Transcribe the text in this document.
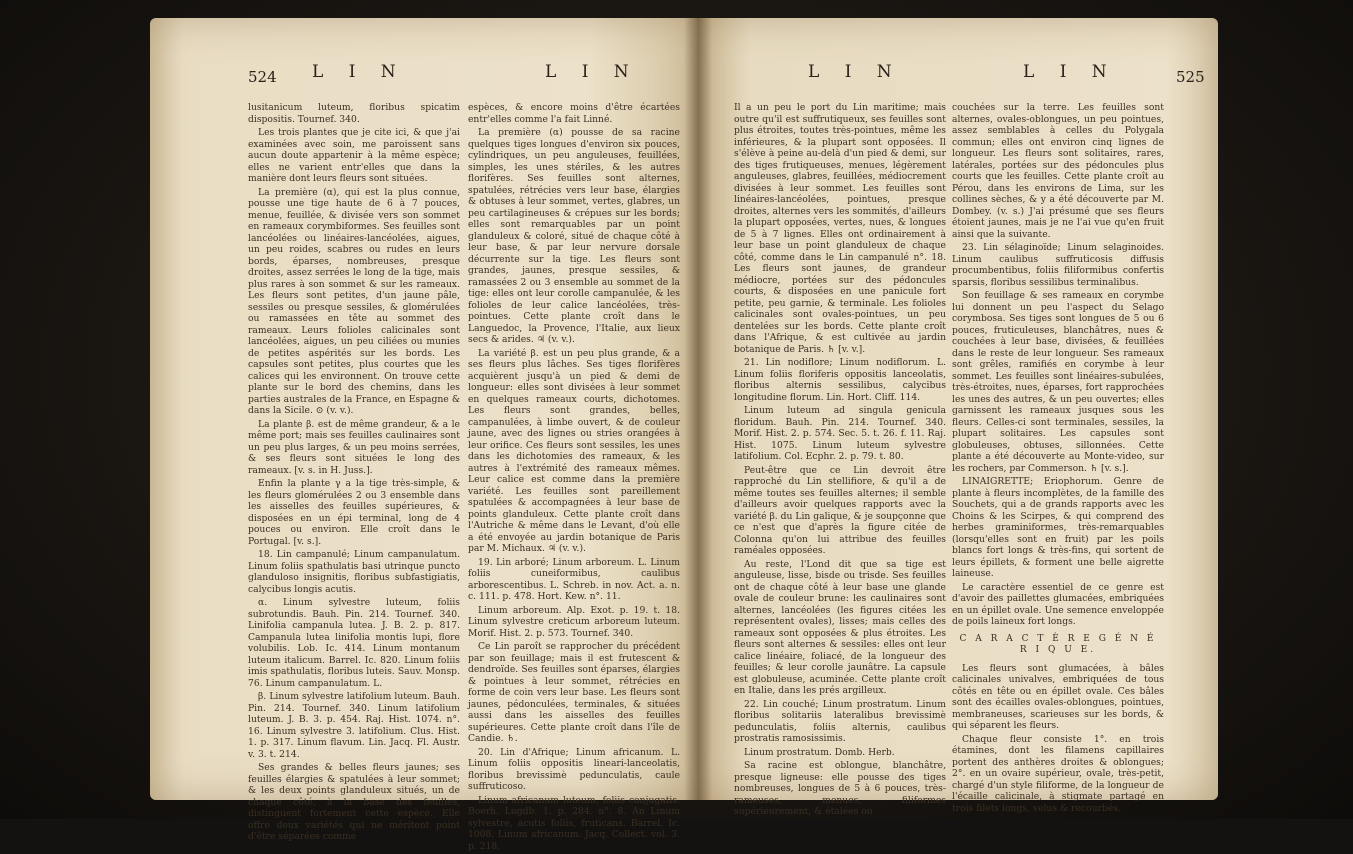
524 L I N	L I N

lusitanicum luteum, floribus spicatim dispositis. Tournef. 340.

Les trois plantes que je cite ici, & que j'ai examinées avec soin, me paroissent sans aucun doute appartenir à la même espèce; elles ne varient entr'elles que dans la manière dont leurs fleurs sont situées.

La première (α), qui est la plus connue, pousse une tige haute de 6 à 7 pouces, menue, feuillée, & divisée vers son sommet en rameaux corymbiformes. Ses feuilles sont lancéolées ou linéaires-lancéolées, aigues, un peu roides, scabres ou rudes en leurs bords, éparses, nombreuses, presque droites, assez serrées le long de la tige, mais plus rares à son sommet & sur les rameaux. Les fleurs sont petites, d'un jaune pâle, sessiles ou presque sessiles, & glomérulées ou ramassées en tête au sommet des rameaux. Leurs folioles calicinales sont lancéolées, aigues, un peu ciliées ou munies de petites aspérités sur les bords. Les capsules sont petites, plus courtes que les calices qui les environnent. On trouve cette plante sur le bord des chemins, dans les parties australes de la France, en Espagne & dans la Sicile. ⊙ (v. v.).

La plante β. est de même grandeur, & a le même port; mais ses feuilles caulinaires sont un peu plus larges, & un peu moins serrées, & ses fleurs sont situées le long des rameaux. [v. s. in H. Juss.].

Enfin la plante γ a la tige très-simple, & les fleurs glomérulées 2 ou 3 ensemble dans les aisselles des feuilles supérieures, & disposées en un épi terminal, long de 4 pouces ou environ. Elle croît dans le Portugal. [v. s.].

18. Lin campanulé; Linum campanulatum. Linum foliis spathulatis basi utrinque puncto glanduloso insignitis, floribus subfastigiatis, calycibus longis acutis.

α. Linum sylvestre luteum, foliis subrotundis. Bauh. Pin. 214. Tournef. 340. Linifolia campanula lutea. J. B. 2. p. 817. Campanula lutea linifolia montis lupi, flore volubilis. Lob. Ic. 414. Linum montanum luteum italicum. Barrel. Ic. 820. Linum foliis imis spathulatis, floribus luteis. Sauv. Monsp. 76. Linum campanulatum. L.

β. Linum sylvestre latifolium luteum. Bauh. Pin. 214. Tournef. 340. Linum latifolium luteum. J. B. 3. p. 454. Raj. Hist. 1074. n°. 16. Linum sylvestre 3. latifolium. Clus. Hist. 1. p. 317. Linum flavum. Lin. Jacq. Fl. Austr. v. 3. t. 214.

Ses grandes & belles fleurs jaunes; ses feuilles élargies & spatulées à leur sommet; & les deux points glanduleux situés, un de chaque côté, à la base des feuilles, distinguent fortement cette espèce. Elle offre deux variétés qui ne méritent point d'être séparées comme

espèces, & encore moins d'être écartées entr'elles comme l'a fait Linné.

La première (α) pousse de sa racine quelques tiges longues d'environ six pouces, cylindriques, un peu anguleuses, feuillées, simples, les unes stériles, & les autres florifères. Ses feuilles sont alternes, spatulées, rétrécies vers leur base, élargies & obtuses à leur sommet, vertes, glabres, un peu cartilagineuses & crépues sur les bords; elles sont remarquables par un point glanduleux & coloré, situé de chaque côté à leur base, & par leur nervure dorsale décurrente sur la tige. Les fleurs sont grandes, jaunes, presque sessiles, & ramassées 2 ou 3 ensemble au sommet de la tige: elles ont leur corolle campanulée, & les folioles de leur calice lancéolées, très-pointues. Cette plante croît dans le Languedoc, la Provence, l'Italie, aux lieux secs & arides. ♃ (v. v.).

La variété β. est un peu plus grande, & a ses fleurs plus lâches. Ses tiges florifères acquièrent jusqu'à un pied & demi de longueur: elles sont divisées à leur sommet en quelques rameaux courts, dichotomes. Les fleurs sont grandes, belles, campanulées, à limbe ouvert, & de couleur jaune, avec des lignes ou stries orangées à leur orifice. Ces fleurs sont sessiles, les unes dans les dichotomies des rameaux, & les autres à l'extrémité des rameaux mêmes. Leur calice est comme dans la première variété. Les feuilles sont pareillement spatulées & accompagnées à leur base de points glanduleux. Cette plante croît dans l'Autriche & même dans le Levant, d'où elle a été envoyée au jardin botanique de Paris par M. Michaux. ♃ (v. v.).

19. Lin arboré; Linum arboreum. L. Linum foliis cuneiformibus, caulibus arborescentibus. L. Schreb. in nov. Act. a. n. c. 111. p. 478. Hort. Kew. n°. 11.

Linum arboreum. Alp. Exot. p. 19. t. 18. Linum sylvestre creticum arboreum luteum. Morif. Hist. 2. p. 573. Tournef. 340.

Ce Lin paroît se rapprocher du précédent par son feuillage; mais il est frutescent & dendroïde. Ses feuilles sont éparses, élargies & pointues à leur sommet, rétrécies en forme de coin vers leur base. Les fleurs sont jaunes, pédonculées, terminales, & situées aussi dans les aisselles des feuilles supérieures. Cette plante croît dans l'île de Candie. ♄.

20. Lin d'Afrique; Linum africanum. L. Linum foliis oppositis lineari-lanceolatis, floribus brevissimè pedunculatis, caule suffruticoso.

Linum africanum luteum, foliis conjugatis. Boerh. Lugdb. 1. p. 284. n°. 8. An Linum sylvestre, acutis foliis, fruticans. Barrel. Ic. 1008. Linum africanum. Jacq. Collect. vol. 3. p. 218.

L I N	L I N	525

Il a un peu le port du Lin maritime; mais outre qu'il est suffrutiqueux, ses feuilles sont plus étroites, toutes très-pointues, même les inférieures, & la plupart sont opposées. Il s'élève à peine au-delà d'un pied & demi, sur des tiges frutiqueuses, menues, légèrement anguleuses, glabres, feuillées, médiocrement divisées à leur sommet. Les feuilles sont linéaires-lancéolées, pointues, presque droites, alternes vers les sommités, d'ailleurs la plupart opposées, vertes, nues, & longues de 5 à 7 lignes. Elles ont ordinairement à leur base un point glanduleux de chaque côté, comme dans le Lin campanulé n°. 18. Les fleurs sont jaunes, de grandeur médiocre, portées sur des pédoncules courts, & disposées en une panicule fort petite, peu garnie, & terminale. Les folioles calicinales sont ovales-pointues, un peu dentelées sur les bords. Cette plante croît dans l'Afrique, & est cultivée au jardin botanique de Paris. ♄ [v. v.].

21. Lin nodiflore; Linum nodiflorum. L. Linum foliis floriferis oppositis lanceolatis, floribus alternis sessilibus, calycibus longitudine florum. Lin. Hort. Cliff. 114.

Linum luteum ad singula genicula floridum. Bauh. Pin. 214. Tournef. 340. Morif. Hist. 2. p. 574. Sec. 5. t. 26. f. 11. Raj. Hist. 1075. Linum luteum sylvestre latifolium. Col. Ecphr. 2. p. 79. t. 80.

Peut-être que ce Lin devroit être rapproché du Lin stellifiore, & qu'il a de même toutes ses feuilles alternes; il semble d'ailleurs avoir quelques rapports avec la variété β. du Lin galique, & je soupçonne que ce n'est que d'après la figure citée de Colonna qu'on lui attribue des feuilles raméales opposées.

Au reste, l'Lond dit que sa tige est anguleuse, lisse, bisde ou trisde. Ses feuilles ont de chaque côté à leur base une glande ovale de couleur brune: les caulinaires sont alternes, lancéolées (les figures citées les représentent ovales), lisses; mais celles des rameaux sont opposées & plus étroites. Les fleurs sont alternes & sessiles: elles ont leur calice linéaire, foliacé, de la longueur des feuilles; & leur corolle jaunâtre. La capsule est globuleuse, acuminée. Cette plante croît en Italie, dans les prés argilleux.

22. Lin couché; Linum prostratum. Linum floribus solitariis lateralibus brevissimè pedunculatis, foliis alternis, caulibus prostratis ramosissimis.

Linum prostratum. Domb. Herb.

Sa racine est oblongue, blanchâtre, presque ligneuse: elle pousse des tiges nombreuses, longues de 5 à 6 pouces, très-rameuses, menues, filiformes supérieurement, & étalées ou

couchées sur la terre. Les feuilles sont alternes, ovales-oblongues, un peu pointues, assez semblables à celles du Polygala commun; elles ont environ cinq lignes de longueur. Les fleurs sont solitaires, rares, latérales, portées sur des pédoncules plus courts que les feuilles. Cette plante croît au Pérou, dans les environs de Lima, sur les collines sèches, & y a été découverte par M. Dombey. (v. s.) J'ai présumé que ses fleurs étoient jaunes, mais je ne l'ai vue qu'en fruit ainsi que la suivante.

23. Lin sélaginoïde; Linum selaginoides. Linum caulibus suffruticosis diffusis procumbentibus, foliis filiformibus confertis sparsis, floribus sessilibus terminalibus.

Son feuillage & ses rameaux en corymbe lui donnent un peu l'aspect du Selago corymbosa. Ses tiges sont longues de 5 ou 6 pouces, fruticuleuses, blanchâtres, nues & couchées à leur base, divisées, & feuillées dans le reste de leur longueur. Ses rameaux sont grêles, ramifiés en corymbe à leur sommet. Les feuilles sont linéaires-subulées, très-étroites, nues, éparses, fort rapprochées les unes des autres, & un peu ouvertes; elles garnissent les rameaux jusques sous les fleurs. Celles-ci sont terminales, sessiles, la plupart solitaires. Les capsules sont globuleuses, obtuses, sillonnées. Cette plante a été découverte au Monte-video, sur les rochers, par Commerson. ♄ [v. s.].

LINAIGRETTE; Eriophorum. Genre de plante à fleurs incomplètes, de la famille des Souchets, qui a de grands rapports avec les Choins & les Scirpes, & qui comprend des herbes graminiformes, très-remarquables (lorsqu'elles sont en fruit) par les poils blancs fort longs & très-fins, qui sortent de leurs épillets, & forment une belle aigrette laineuse.

Le caractère essentiel de ce genre est d'avoir des paillettes glumacées, embriquées en un épillet ovale. Une semence enveloppée de poils laineux fort longs.

C A R A C T È R E G É N É R I Q U E.

Les fleurs sont glumacées, à bâles calicinales univalves, embriquées de tous côtés en tête ou en épillet ovale. Ces bâles sont des écailles ovales-oblongues, pointues, membraneuses, scarieuses sur les bords, & qui séparent les fleurs.

Chaque fleur consiste 1°. en trois étamines, dont les filamens capillaires portent des anthères droites & oblongues; 2°. en un ovaire supérieur, ovale, très-petit, chargé d'un style filiforme, de la longueur de l'écaille calicinale, à stigmate partagé en trois filets longs, velus & recourbés.
